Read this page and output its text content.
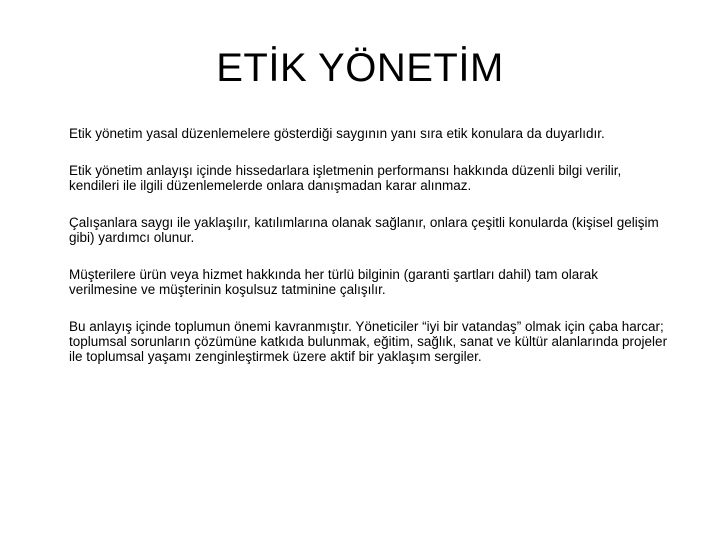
ETİK YÖNETİM

Etik yönetim yasal düzenlemelere gösterdiği saygının yanı sıra etik konulara da duyarlıdır.

Etik yönetim anlayışı içinde hissedarlara işletmenin performansı hakkında düzenli bilgi verilir, kendileri ile ilgili düzenlemelerde onlara danışmadan karar alınmaz.

Çalışanlara saygı ile yaklaşılır, katılımlarına olanak sağlanır, onlara çeşitli konularda (kişisel gelişim gibi) yardımcı olunur.

Müşterilere ürün veya hizmet hakkında her türlü bilginin (garanti şartları dahil) tam olarak verilmesine ve müşterinin koşulsuz tatminine çalışılır.

Bu anlayış içinde toplumun önemi kavranmıştır. Yöneticiler “iyi bir vatandaş” olmak için çaba harcar; toplumsal sorunların çözümüne katkıda bulunmak, eğitim, sağlık, sanat ve kültür alanlarında projeler ile toplumsal yaşamı zenginleştirmek üzere aktif bir yaklaşım sergiler.
